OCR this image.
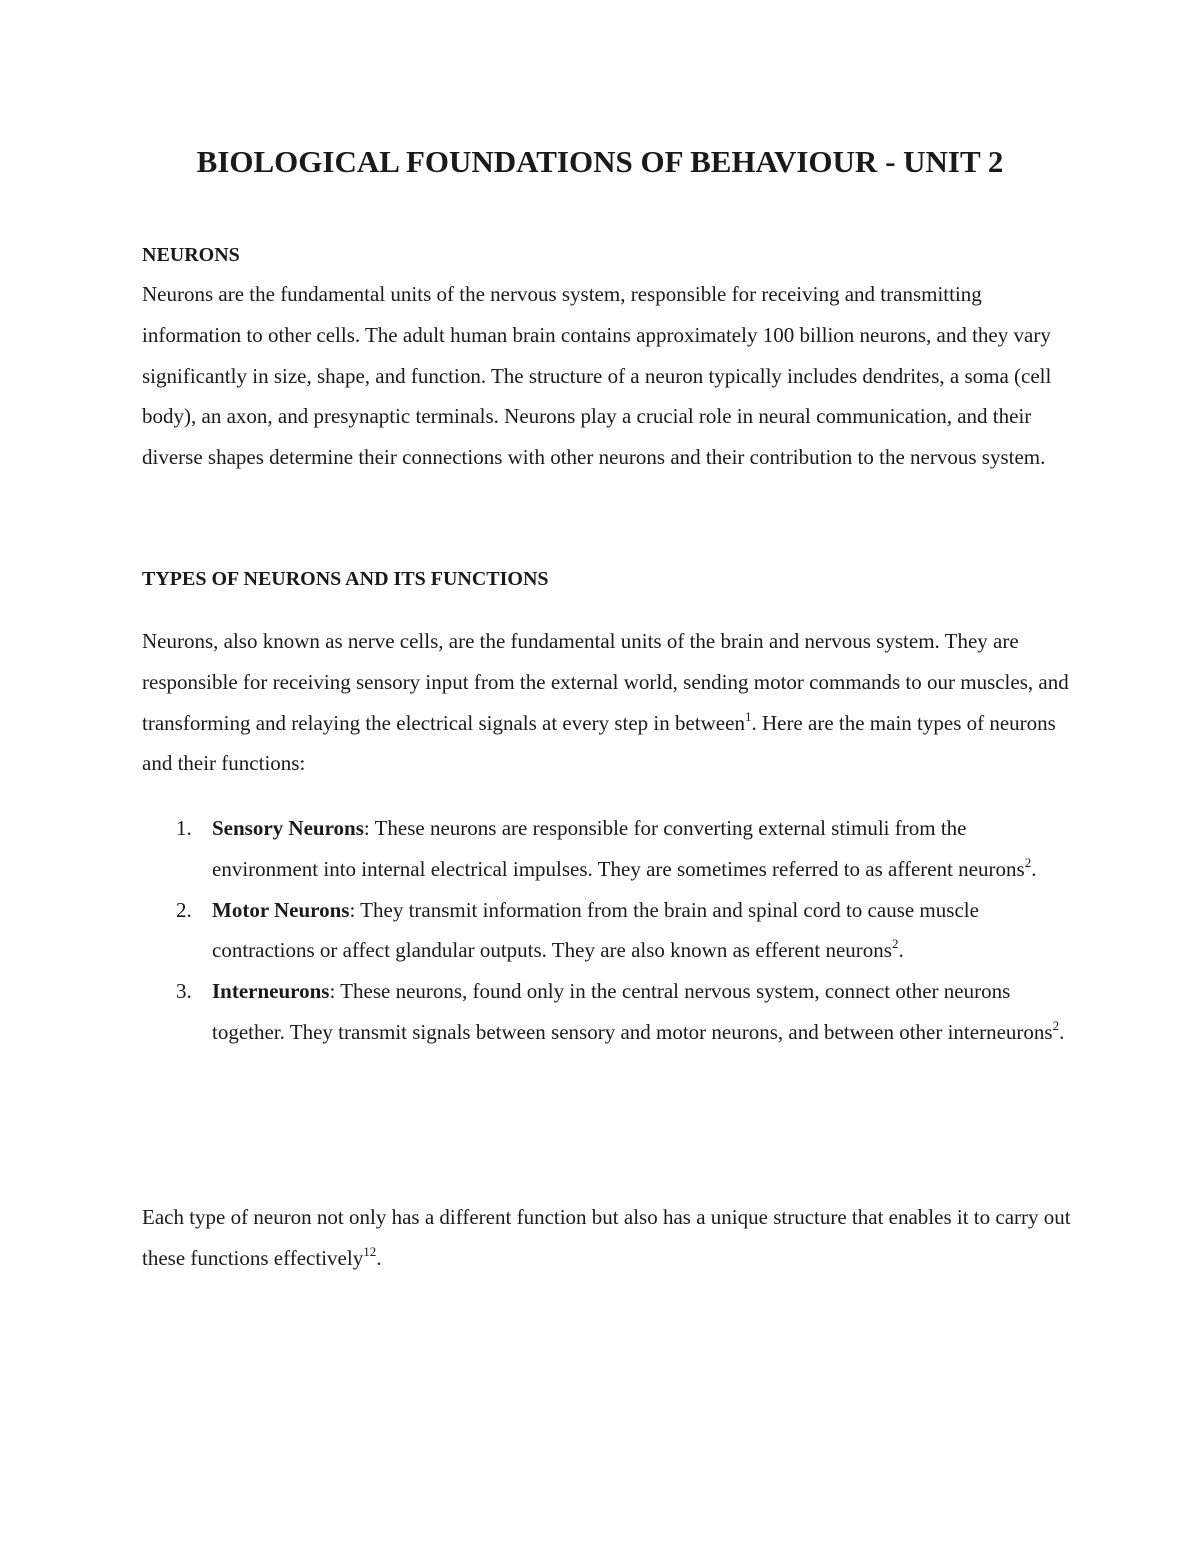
BIOLOGICAL FOUNDATIONS OF BEHAVIOUR - UNIT 2
NEURONS

Neurons are the fundamental units of the nervous system, responsible for receiving and transmitting information to other cells. The adult human brain contains approximately 100 billion neurons, and they vary significantly in size, shape, and function. The structure of a neuron typically includes dendrites, a soma (cell body), an axon, and presynaptic terminals. Neurons play a crucial role in neural communication, and their diverse shapes determine their connections with other neurons and their contribution to the nervous system.

TYPES OF NEURONS AND ITS FUNCTIONS

Neurons, also known as nerve cells, are the fundamental units of the brain and nervous system. They are responsible for receiving sensory input from the external world, sending motor commands to our muscles, and transforming and relaying the electrical signals at every step in between$^1$. Here are the main types of neurons and their functions:

1. Sensory Neurons: These neurons are responsible for converting external stimuli from the environment into internal electrical impulses. They are sometimes referred to as afferent neurons$^2$.
2. Motor Neurons: They transmit information from the brain and spinal cord to cause muscle contractions or affect glandular outputs. They are also known as efferent neurons$^2$.
3. Interneurons: These neurons, found only in the central nervous system, connect other neurons together. They transmit signals between sensory and motor neurons, and between other interneurons$^2$.

Each type of neuron not only has a different function but also has a unique structure that enables it to carry out these functions effectively$^{12}$.
